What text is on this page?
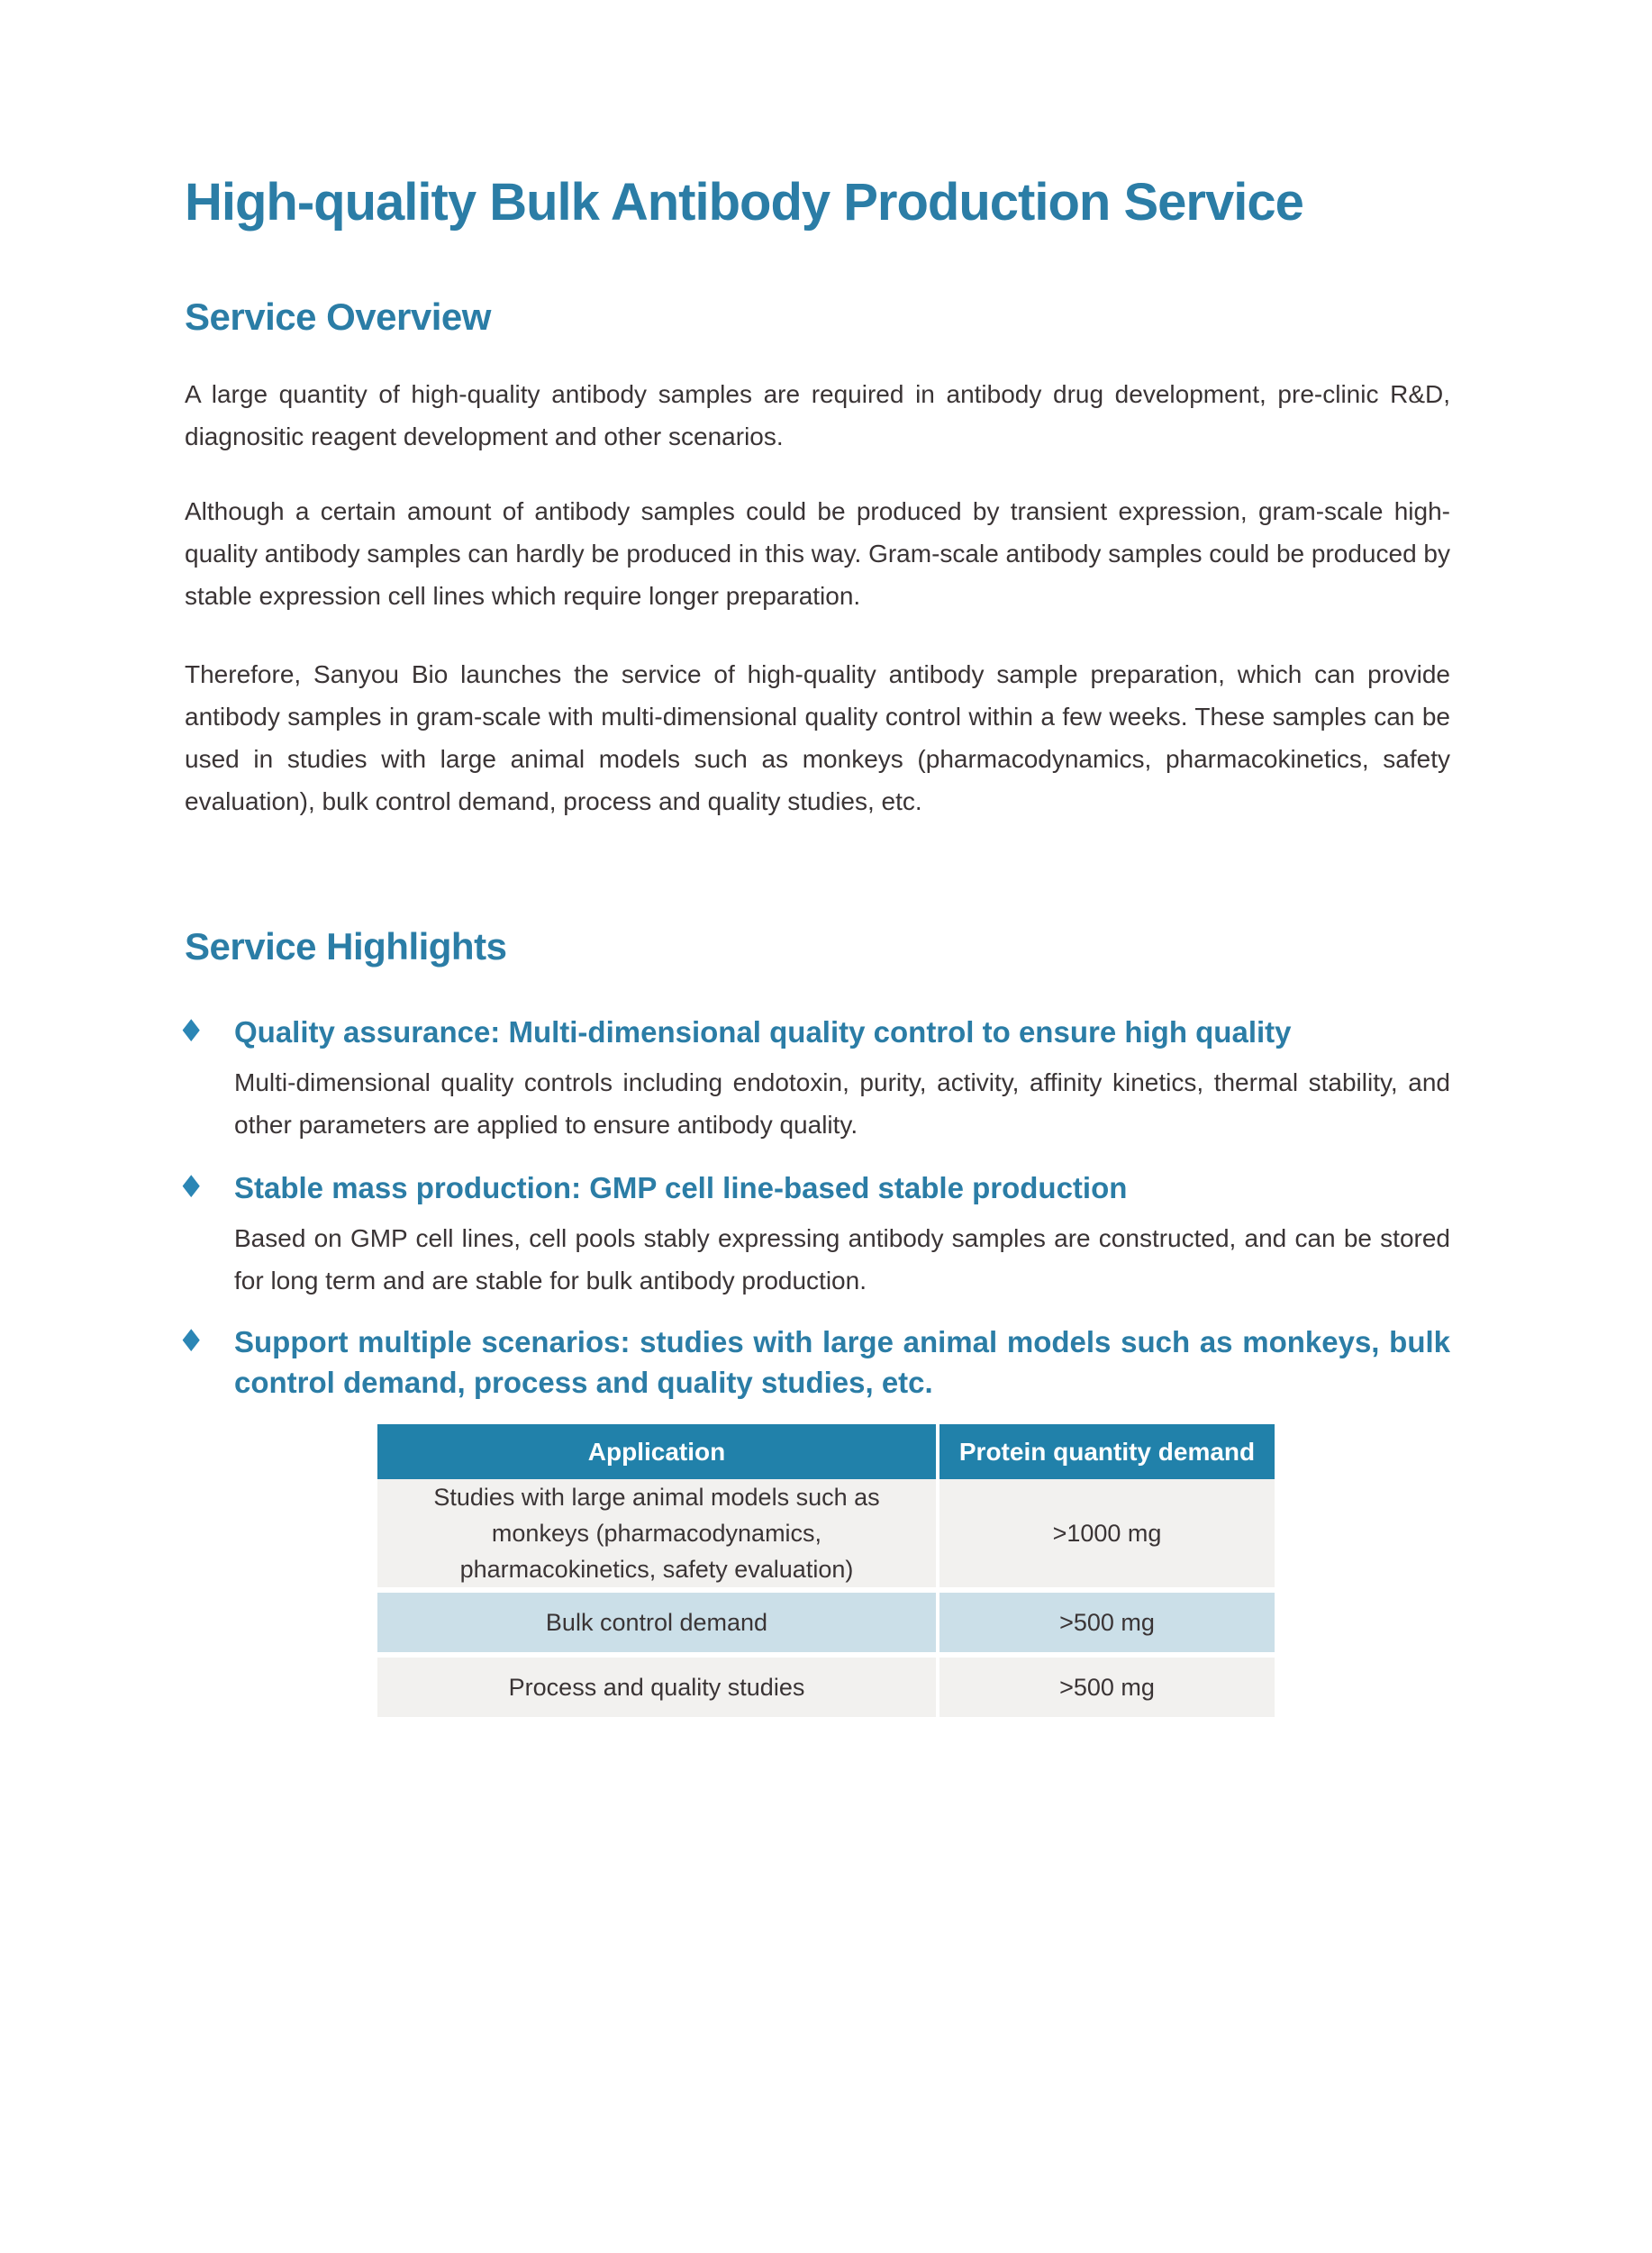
High-quality Bulk Antibody Production Service
Service Overview

A large quantity of high-quality antibody samples are required in antibody drug development, pre-clinic R&D, diagnositic reagent development and other scenarios.

Although a certain amount of antibody samples could be produced by transient expression, gram-scale high-quality antibody samples can hardly be produced in this way. Gram-scale antibody samples could be produced by stable expression cell lines which require longer preparation.

Therefore, Sanyou Bio launches the service of high-quality antibody sample preparation, which can provide antibody samples in gram-scale with multi-dimensional quality control within a few weeks. These samples can be used in studies with large animal models such as monkeys (pharmacodynamics, pharmacokinetics, safety evaluation), bulk control demand, process and quality studies, etc.

Service Highlights
♦ Quality assurance: Multi-dimensional quality control to ensure high quality
Multi-dimensional quality controls including endotoxin, purity, activity, affinity kinetics, thermal stability, and other parameters are applied to ensure antibody quality.
♦ Stable mass production: GMP cell line-based stable production
Based on GMP cell lines, cell pools stably expressing antibody samples are constructed, and can be stored for long term and are stable for bulk antibody production.
♦ Support multiple scenarios: studies with large animal models such as monkeys, bulk control demand, process and quality studies, etc.
Application	Protein quantity demand
Studies with large animal models such as monkeys (pharmacodynamics, pharmacokinetics, safety evaluation)	>1000 mg
Bulk control demand	>500 mg
Process and quality studies	>500 mg
